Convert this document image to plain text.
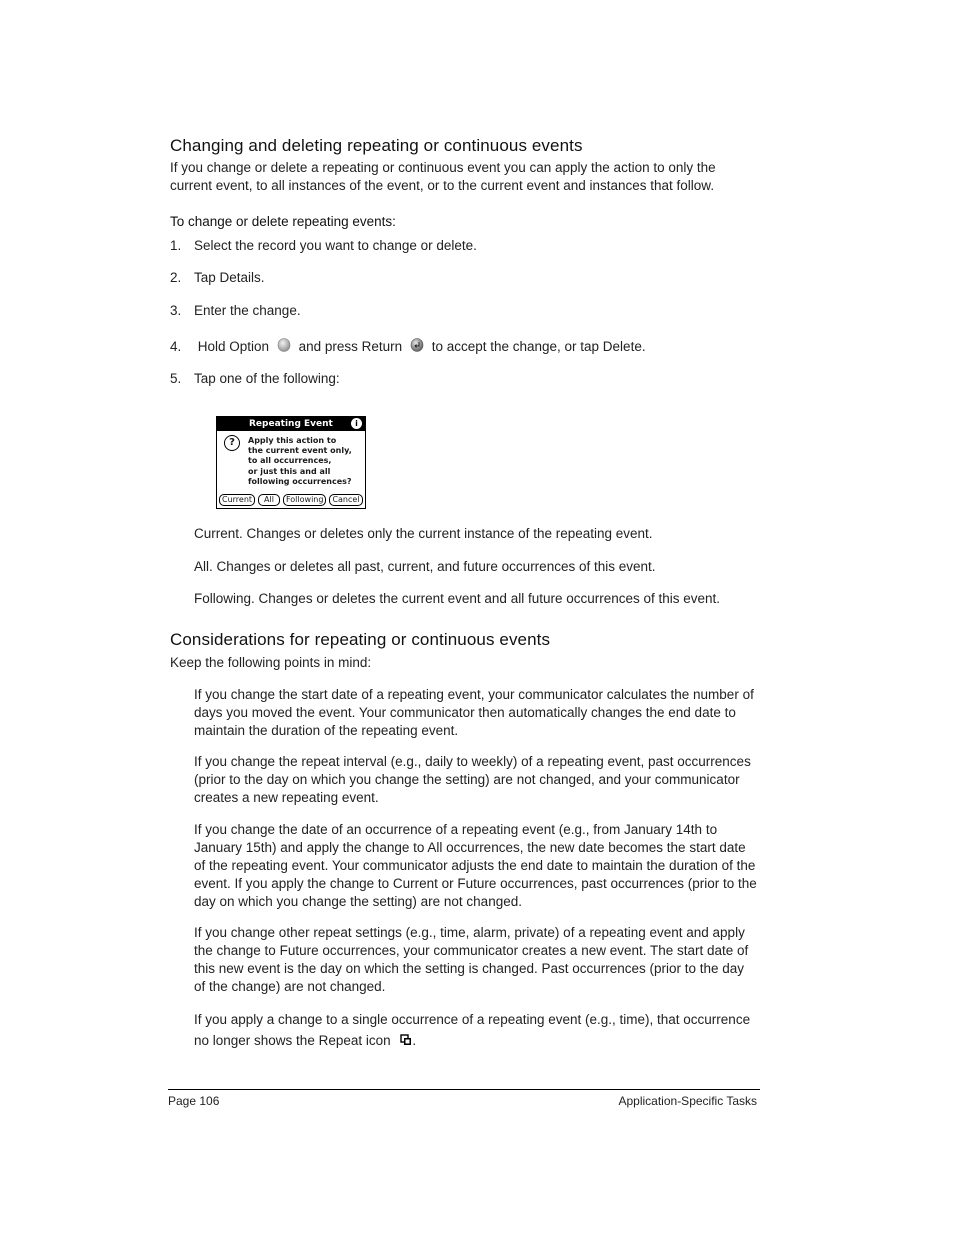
Changing and deleting repeating or continuous events

If you change or delete a repeating or continuous event you can apply the action to only the current event, to all instances of the event, or to the current event and instances that follow.

To change or delete repeating events:

1. Select the record you want to change or delete.
2. Tap Details.
3. Enter the change.
4. Hold Option and press Return to accept the change, or tap Delete.
5. Tap one of the following:
Repeating Event	i
?	Apply this action to
the current event only,
to all occurrences,
or just this and all
following occurrences?
Current	All	Following	Cancel

Current. Changes or deletes only the current instance of the repeating event.

All. Changes or deletes all past, current, and future occurrences of this event.

Following. Changes or deletes the current event and all future occurrences of this event.

Considerations for repeating or continuous events

Keep the following points in mind:

If you change the start date of a repeating event, your communicator calculates the number of days you moved the event. Your communicator then automatically changes the end date to maintain the duration of the repeating event.

If you change the repeat interval (e.g., daily to weekly) of a repeating event, past occurrences (prior to the day on which you change the setting) are not changed, and your communicator creates a new repeating event.

If you change the date of an occurrence of a repeating event (e.g., from January 14th to January 15th) and apply the change to All occurrences, the new date becomes the start date of the repeating event. Your communicator adjusts the end date to maintain the duration of the event. If you apply the change to Current or Future occurrences, past occurrences (prior to the day on which you change the setting) are not changed.

If you change other repeat settings (e.g., time, alarm, private) of a repeating event and apply the change to Future occurrences, your communicator creates a new event. The start date of this new event is the day on which the setting is changed. Past occurrences (prior to the day of the change) are not changed.

If you apply a change to a single occurrence of a repeating event (e.g., time), that occurrence no longer shows the Repeat icon .

Page 106	Application-Specific Tasks
